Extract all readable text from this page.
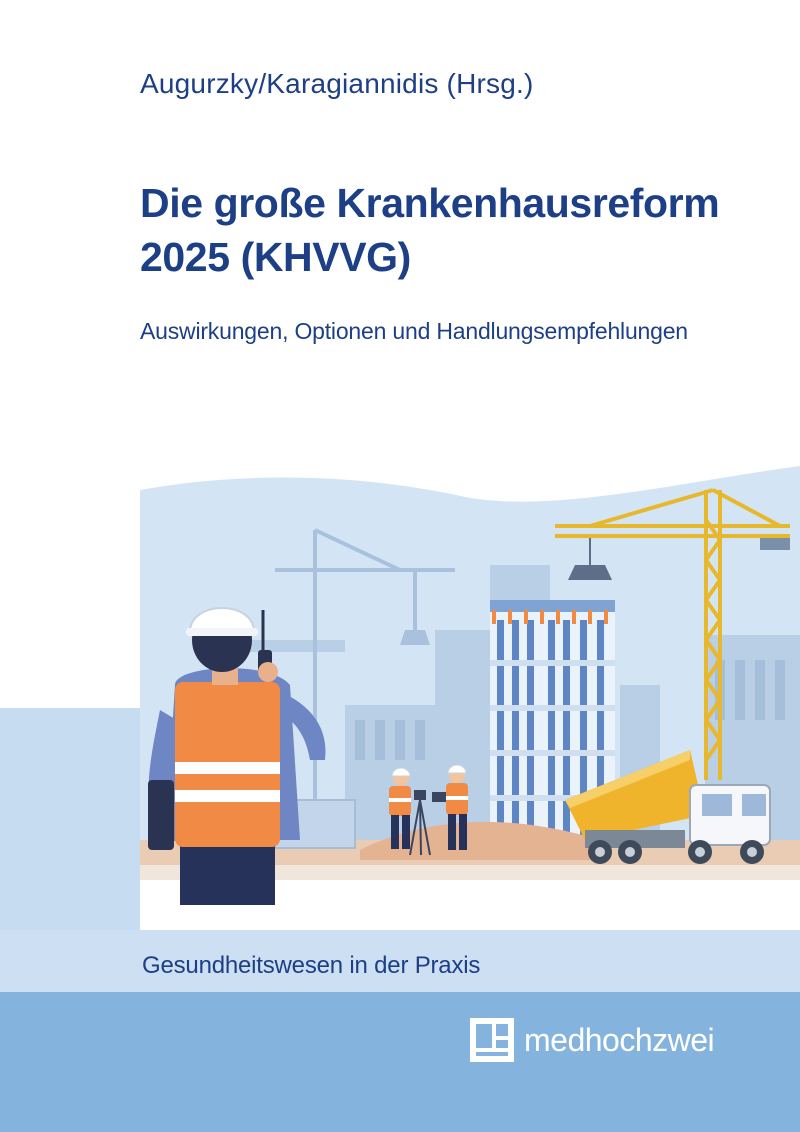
Augurzky/Karagiannidis (Hrsg.)
Die große Krankenhausreform
2025 (KHVVG)
Auswirkungen, Optionen und Handlungsempfehlungen
Gesundheitswesen in der Praxis
medhochzwei
